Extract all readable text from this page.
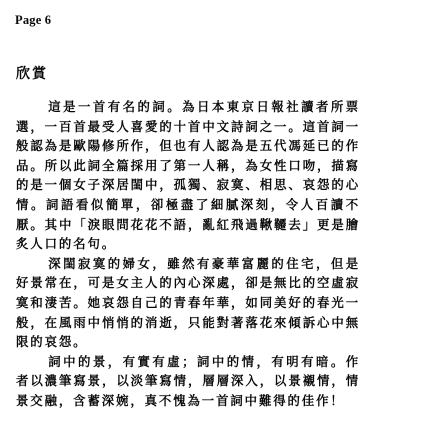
Page 6
欣賞

這是一首有名的詞。為日本東京日報社讀者所票選，一百首最受人喜愛的十首中文詩詞之一。這首詞一般認為是歐陽修所作，但也有人認為是五代馮延已的作品。所以此詞全篇採用了第一人稱，為女性口吻，描寫的是一個女子深居閨中，孤獨、寂寞、相思、哀怨的心情。詞語看似簡單，卻極盡了細膩深刻，令人百讀不厭。其中「淚眼問花花不語，亂紅飛過鞦韆去」更是膾炙人口的名句。

深閨寂寞的婦女，雖然有豪華富麗的住宅，但是好景常在，可是女主人的內心深處，卻是無比的空虛寂寞和淒苦。她哀怨自己的青春年華，如同美好的春光一般，在風雨中悄悄的消逝，只能對著落花來傾訴心中無限的哀怨。

詞中的景，有實有虛；詞中的情，有明有暗。作者以濃筆寫景，以淡筆寫情，層層深入，以景襯情，情景交融，含蓄深婉，真不愧為一首詞中難得的佳作！
